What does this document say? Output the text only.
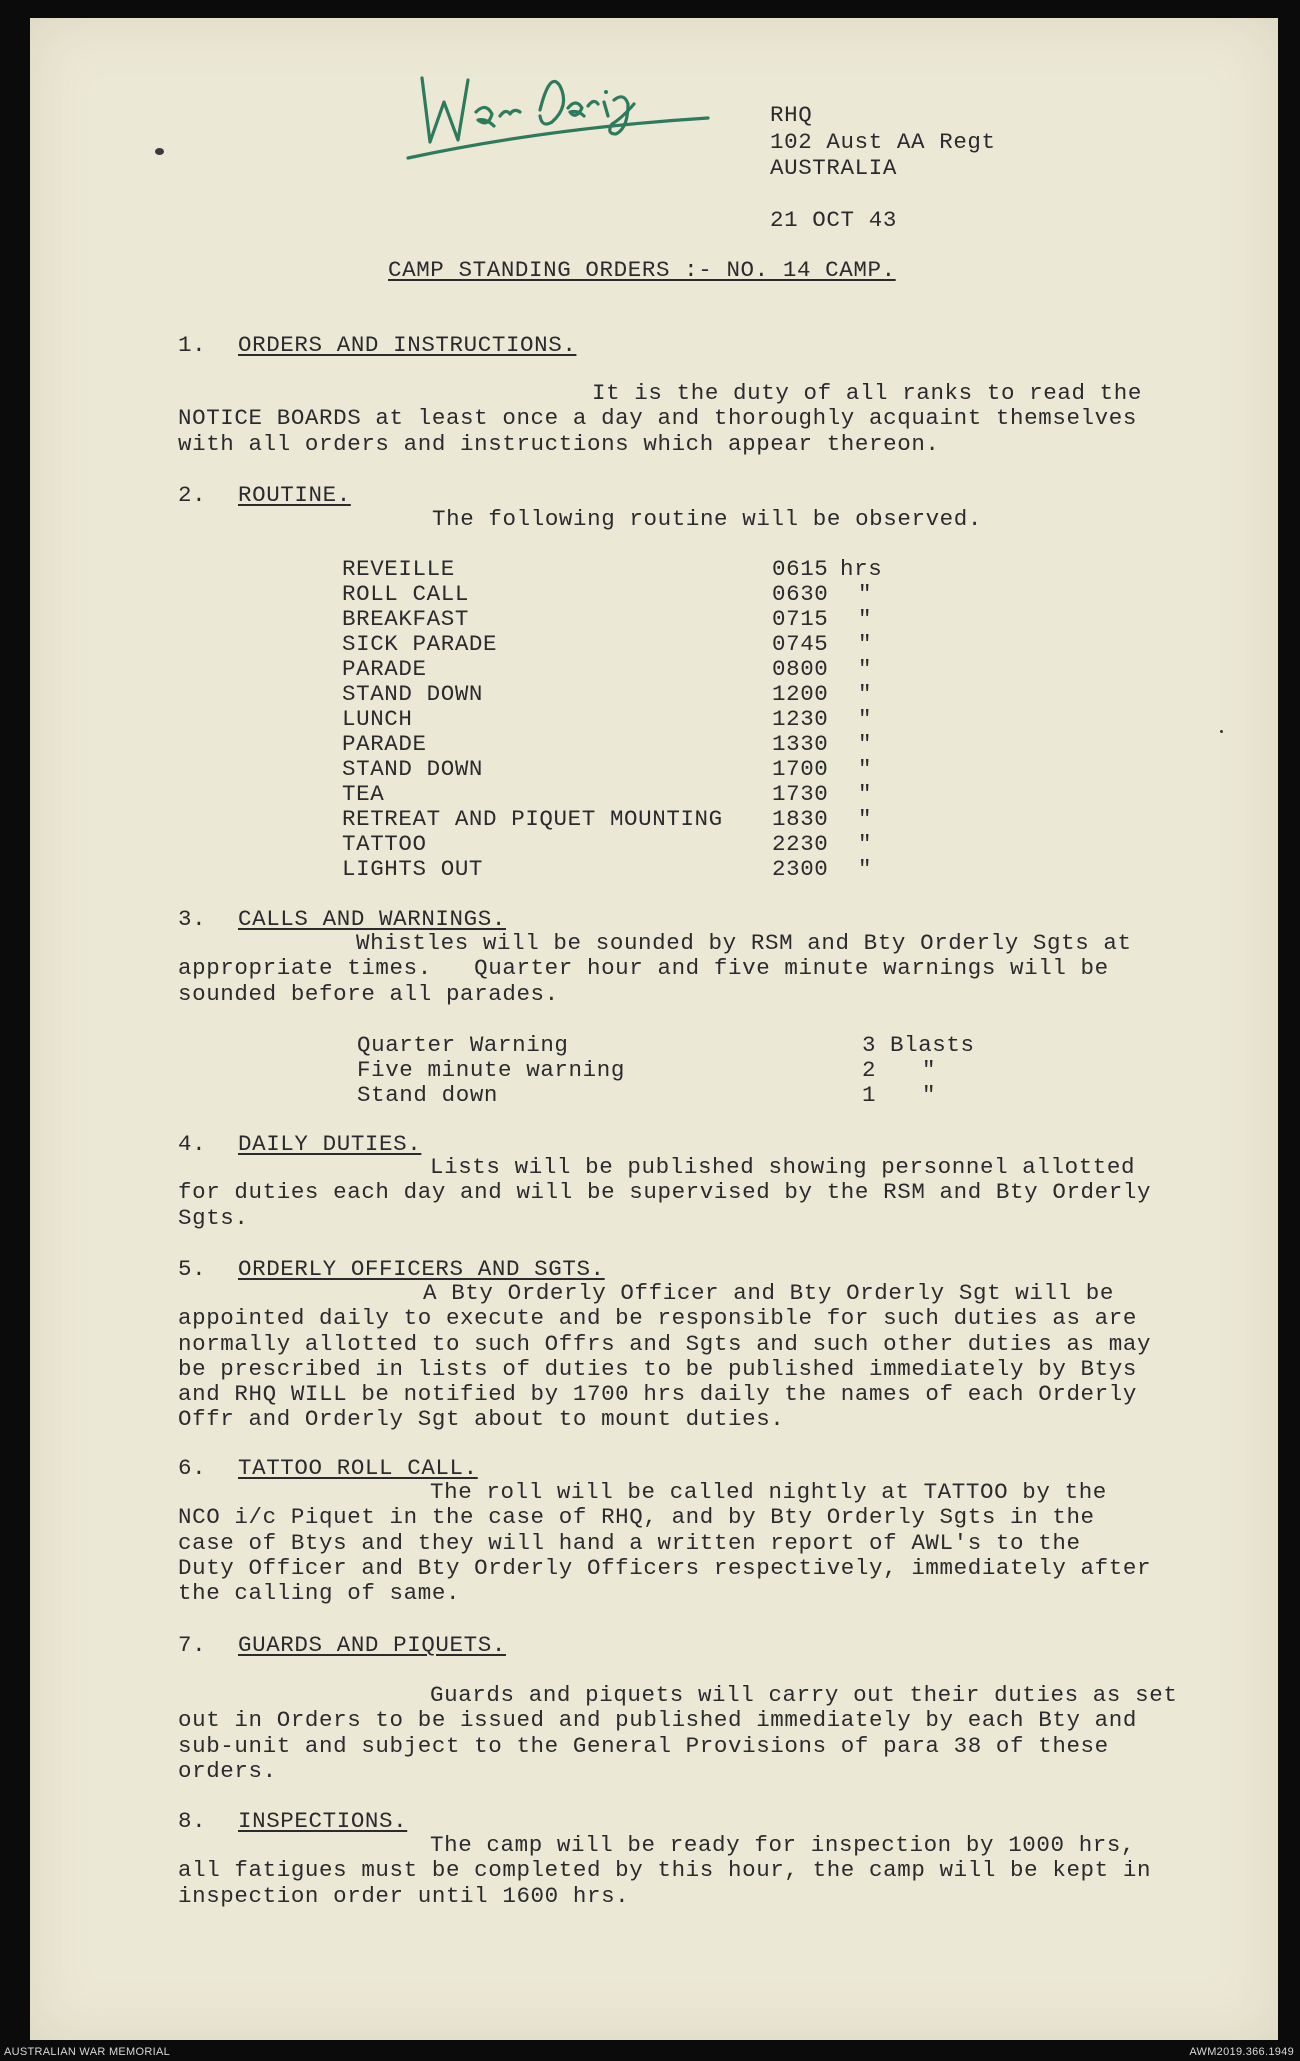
RHQ
102 Aust AA Regt
AUSTRALIA
21 OCT 43
CAMP STANDING ORDERS :- NO. 14 CAMP.
1. ORDERS AND INSTRUCTIONS.
It is the duty of all ranks to read the
NOTICE BOARDS at least once a day and thoroughly acquaint themselves
with all orders and instructions which appear thereon.
2. ROUTINE.
The following routine will be observed.
REVEILLE	0615 hrs
ROLL CALL	0630 "
BREAKFAST	0715 "
SICK PARADE	0745 "
PARADE	0800 "
STAND DOWN	1200 "
LUNCH	1230 "
PARADE	1330 "
STAND DOWN	1700 "
TEA	1730 "
RETREAT AND PIQUET MOUNTING 1830 "
TATTOO	2230 "
LIGHTS OUT	2300 "
3. CALLS AND WARNINGS.
Whistles will be sounded by RSM and Bty Orderly Sgts at
appropriate times.   Quarter hour and five minute warnings will be
sounded before all parades.
Quarter Warning	3 Blasts
Five minute warning	2 "
Stand down	1 "
4. DAILY DUTIES.
Lists will be published showing personnel allotted
for duties each day and will be supervised by the RSM and Bty Orderly
Sgts.
5. ORDERLY OFFICERS AND SGTS.
A Bty Orderly Officer and Bty Orderly Sgt will be
appointed daily to execute and be responsible for such duties as are
normally allotted to such Offrs and Sgts and such other duties as may
be prescribed in lists of duties to be published immediately by Btys
and RHQ WILL be notified by 1700 hrs daily the names of each Orderly
Offr and Orderly Sgt about to mount duties.
6. TATTOO ROLL CALL.
The roll will be called nightly at TATTOO by the
NCO i/c Piquet in the case of RHQ, and by Bty Orderly Sgts in the
case of Btys and they will hand a written report of AWL's to the
Duty Officer and Bty Orderly Officers respectively, immediately after
the calling of same.
7. GUARDS AND PIQUETS.
Guards and piquets will carry out their duties as set
out in Orders to be issued and published immediately by each Bty and
sub-unit and subject to the General Provisions of para 38 of these
orders.
8. INSPECTIONS.
The camp will be ready for inspection by 1000 hrs,
all fatigues must be completed by this hour, the camp will be kept in
inspection order until 1600 hrs.
AUSTRALIAN WAR MEMORIAL	AWM2019.366.1949
